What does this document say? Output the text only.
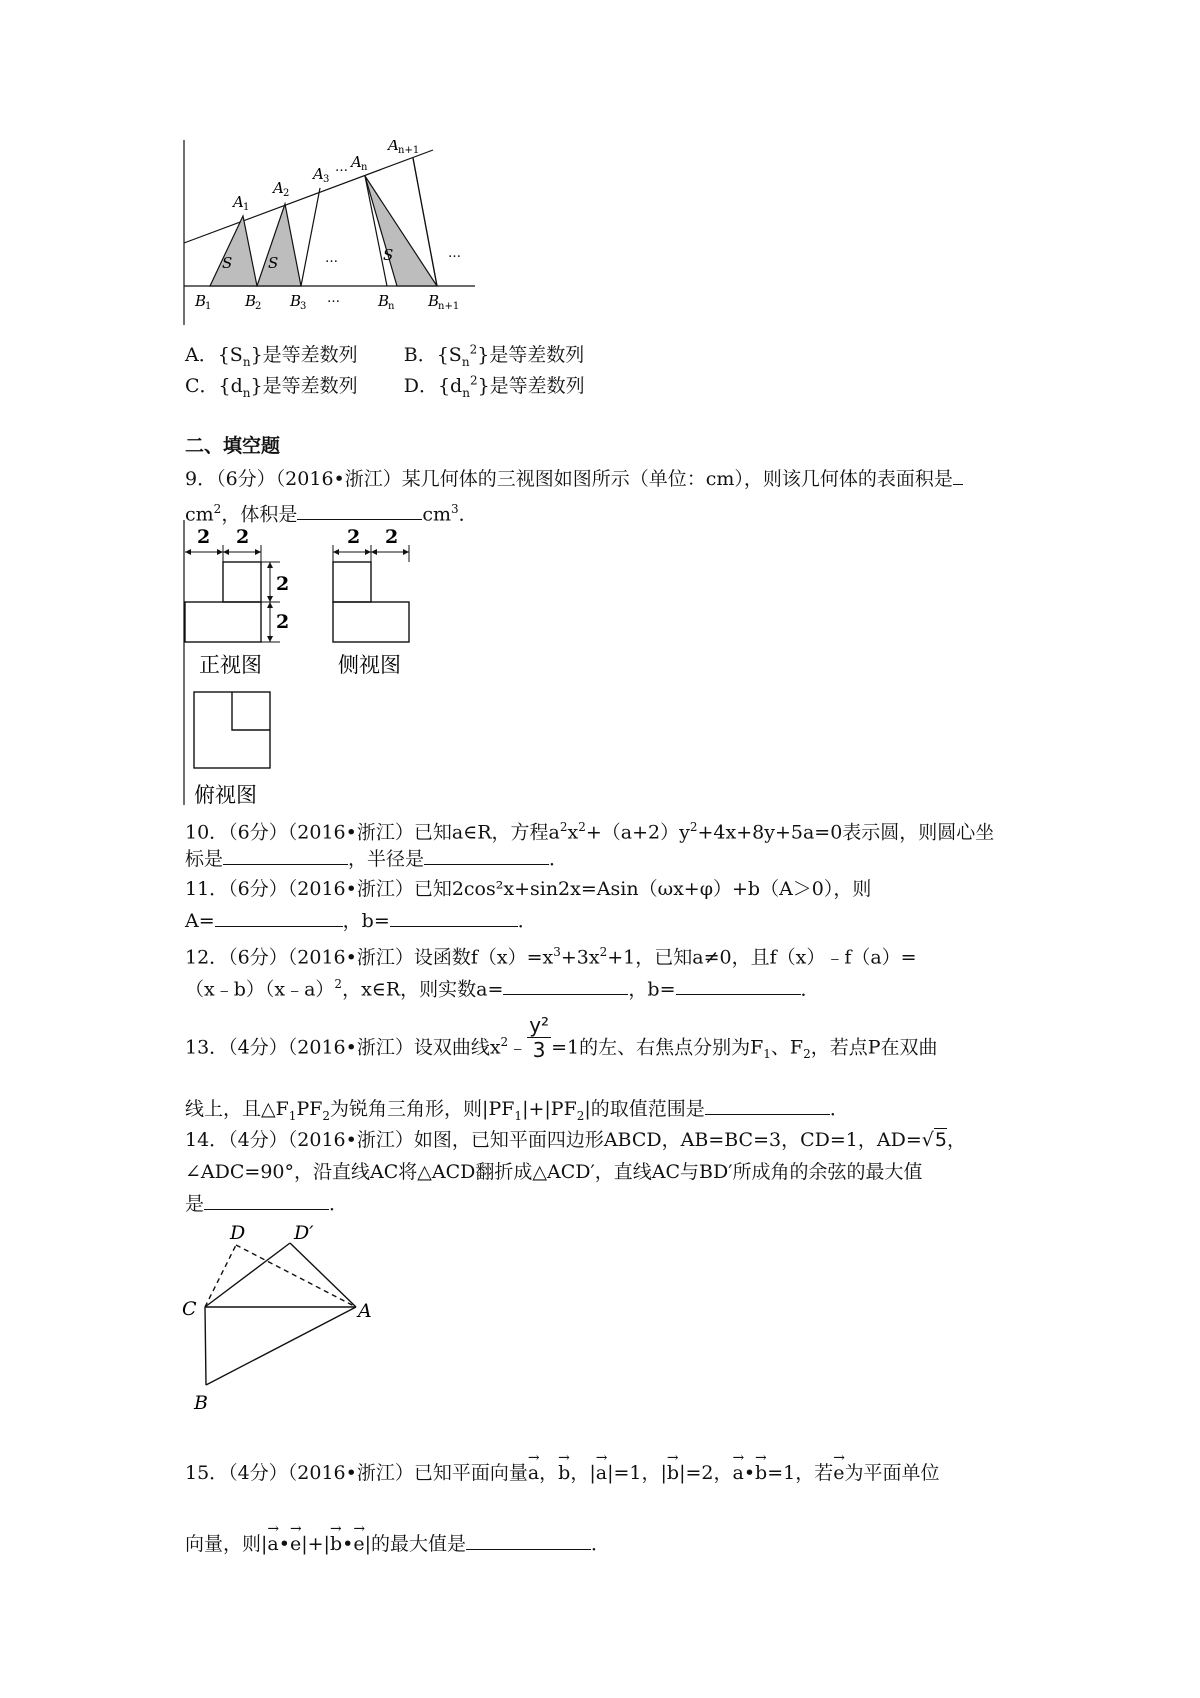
A 1
A 2
A 3
… A n
A n+1
S S	…	S	…
B
1 B
2 B
3
…	B
n B
n+1
A．$\{S_n\}$是等差数列 B．$\{S_n^2\}$是等差数列
C．$\{d_n\}$是等差数列 D．$\{d_n^2\}$是等差数列
二、填空题
9．（6分）（2016•浙江）某几何体的三视图如图所示（单位：cm），则该几何体的表面积是
$cm^2$，体积是	$cm^3$．
2 2
2
2
2 2
正视图	侧视图
俯视图
10．（6分）（2016•浙江）已知a∈R，方程$a^2x^2+(a+2)y^2+4x+8y+5a=0$表示圆，则圆心坐
标是	，半径是	．
11．（6分）（2016•浙江）已知2cos²x+sin2x=Asin（ωx+φ）+b（A＞0），则
A=	，b=	．
12．（6分）（2016•浙江）设函数$f(x)=x^3+3x^2+1$，已知a≠0，且f（x）﹣f（a）=
（x﹣b）（x﹣a）$^2$，x∈R，则实数a=	，b=	．
13．（4分）（2016•浙江）设双曲线$x^2﹣ \frac{\text{y²}}{3} =1$的左、右焦点分别为$F_1$、$F_2$，若点P在双曲
线上，且$\triangle F_1PF_2$为锐角三角形，则$|PF_1|+|PF_2|$的取值范围是	．
14．（4分）（2016•浙江）如图，已知平面四边形ABCD，AB=BC=3，CD=1，AD=√5，
∠ADC=90°，沿直线AC将△ACD翻折成△ACD′，直线AC与BD′所成角的余弦的最大值
是	．
D	D′
C	A
B
15．（4分）（2016•浙江）已知平面向量→ a，→ b，|→ a|=1，|→ b|=2，→ a•→ b=1，若→ e为平面单位
向量，则|→ a•→ e|+|→ b•→ e|的最大值是	．
